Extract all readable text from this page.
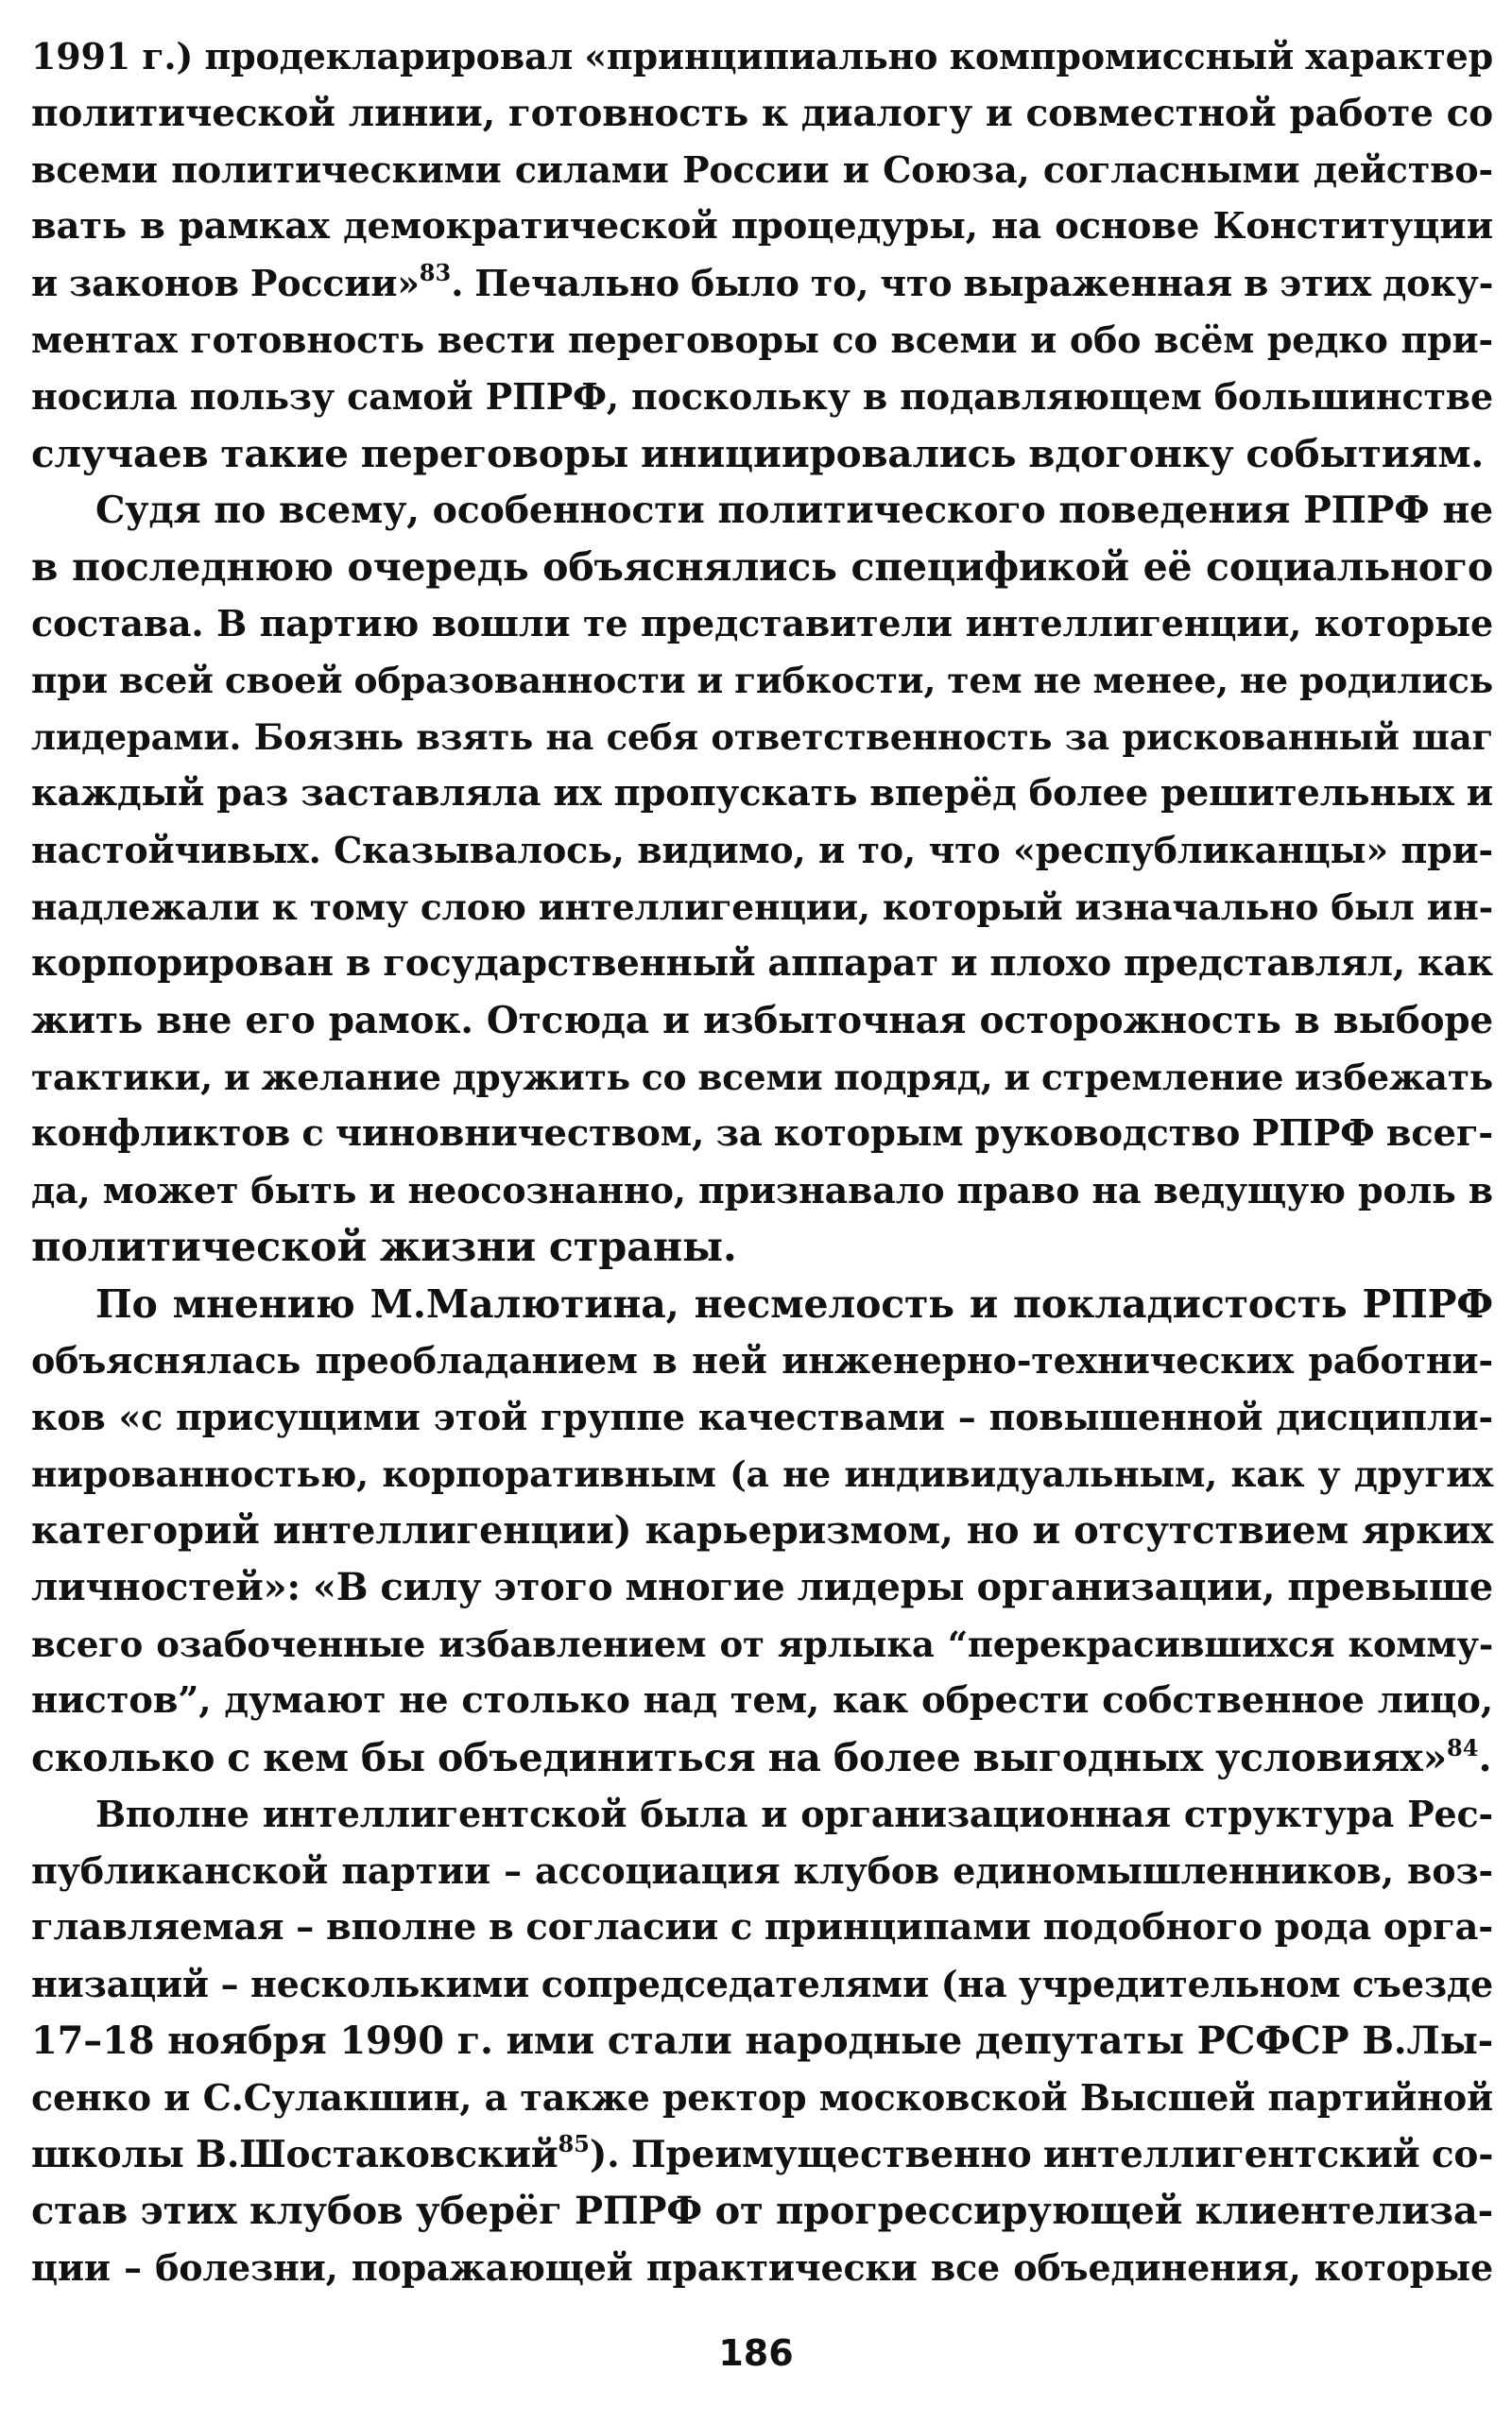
1991 г.) продекларировал «принципиально компромиссный характер
политической линии, готовность к диалогу и совместной работе со
всеми политическими силами России и Союза, согласными действо-
вать в рамках демократической процедуры, на основе Конституции
и законов России»$^{83}$. Печально было то, что выраженная в этих доку-
ментах готовность вести переговоры со всеми и обо всём редко при-
носила пользу самой РПРФ, поскольку в подавляющем большинстве
случаев такие переговоры инициировались вдогонку событиям.
Судя по всему, особенности политического поведения РПРФ не
в последнюю очередь объяснялись спецификой её социального
состава. В партию вошли те представители интеллигенции, которые
при всей своей образованности и гибкости, тем не менее, не родились
лидерами. Боязнь взять на себя ответственность за рискованный шаг
каждый раз заставляла их пропускать вперёд более решительных и
настойчивых. Сказывалось, видимо, и то, что «республиканцы» при-
надлежали к тому слою интеллигенции, который изначально был ин-
корпорирован в государственный аппарат и плохо представлял, как
жить вне его рамок. Отсюда и избыточная осторожность в выборе
тактики, и желание дружить со всеми подряд, и стремление избежать
конфликтов с чиновничеством, за которым руководство РПРФ всег-
да, может быть и неосознанно, признавало право на ведущую роль в
политической жизни страны.
По мнению М.Малютина, несмелость и покладистость РПРФ
объяснялась преобладанием в ней инженерно-технических работни-
ков «с присущими этой группе качествами – повышенной дисципли-
нированностью, корпоративным (а не индивидуальным, как у других
категорий интеллигенции) карьеризмом, но и отсутствием ярких
личностей»: «В силу этого многие лидеры организации, превыше
всего озабоченные избавлением от ярлыка “перекрасившихся комму-
нистов”, думают не столько над тем, как обрести собственное лицо,
сколько с кем бы объединиться на более выгодных условиях»$^{84}$.
Вполне интеллигентской была и организационная структура Рес-
публиканской партии – ассоциация клубов единомышленников, воз-
главляемая – вполне в согласии с принципами подобного рода орга-
низаций – несколькими сопредседателями (на учредительном съезде
17–18 ноября 1990 г. ими стали народные депутаты РСФСР В.Лы-
сенко и С.Сулакшин, а также ректор московской Высшей партийной
школы В.Шостаковский$^{85}$). Преимущественно интеллигентский со-
став этих клубов уберёг РПРФ от прогрессирующей клиентелиза-
ции – болезни, поражающей практически все объединения, которые
186
